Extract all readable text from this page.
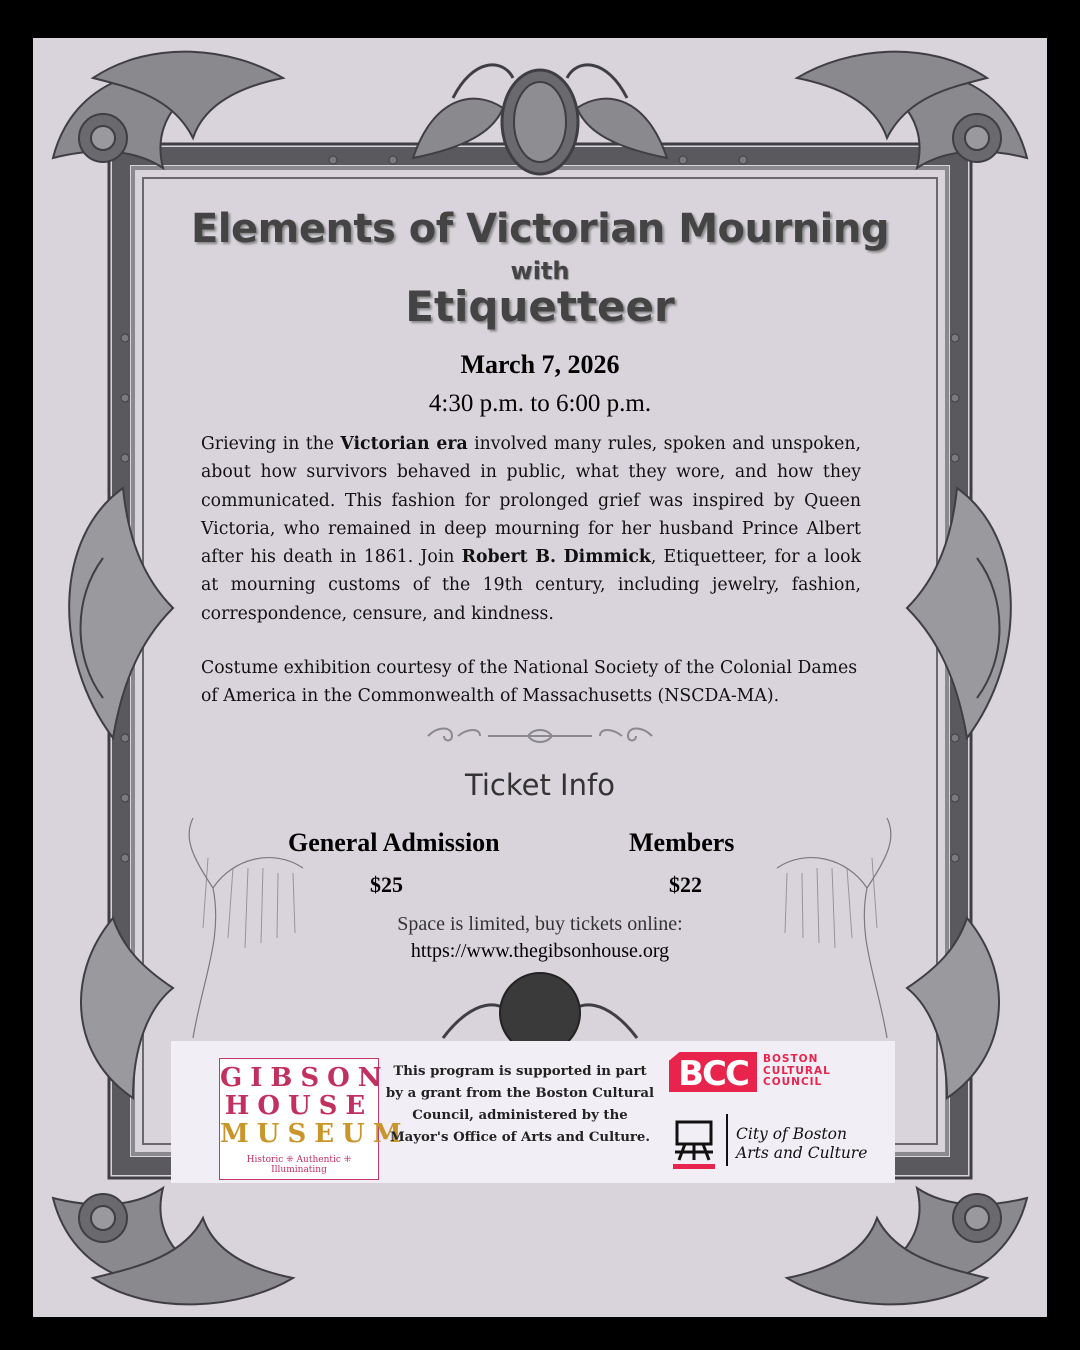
Elements of Victorian Mourning
with
Etiquetteer
March 7, 2026
4:30 p.m. to 6:00 p.m.

Grieving in the Victorian era involved many rules, spoken and unspoken, about how survivors behaved in public, what they wore, and how they communicated. This fashion for prolonged grief was inspired by Queen Victoria, who remained in deep mourning for her husband Prince Albert after his death in 1861. Join Robert B. Dimmick, Etiquetteer, for a look at mourning customs of the 19th century, including jewelry, fashion, correspondence, censure, and kindness.

Costume exhibition courtesy of the National Society of the Colonial Dames of America in the Commonwealth of Massachusetts (NSCDA-MA).

Ticket Info
General Admission	Members
$25	$22
Space is limited, buy tickets online:
https://www.thegibsonhouse.org
GIBSON
HOUSE
MUSEUM
Historic ⁜ Authentic ⁜ Illuminating
This program is supported in part by a grant from the Boston Cultural Council, administered by the Mayor's Office of Arts and Culture.
BCC	BOSTON
CULTURAL
COUNCIL
City of Boston
Arts and Culture
